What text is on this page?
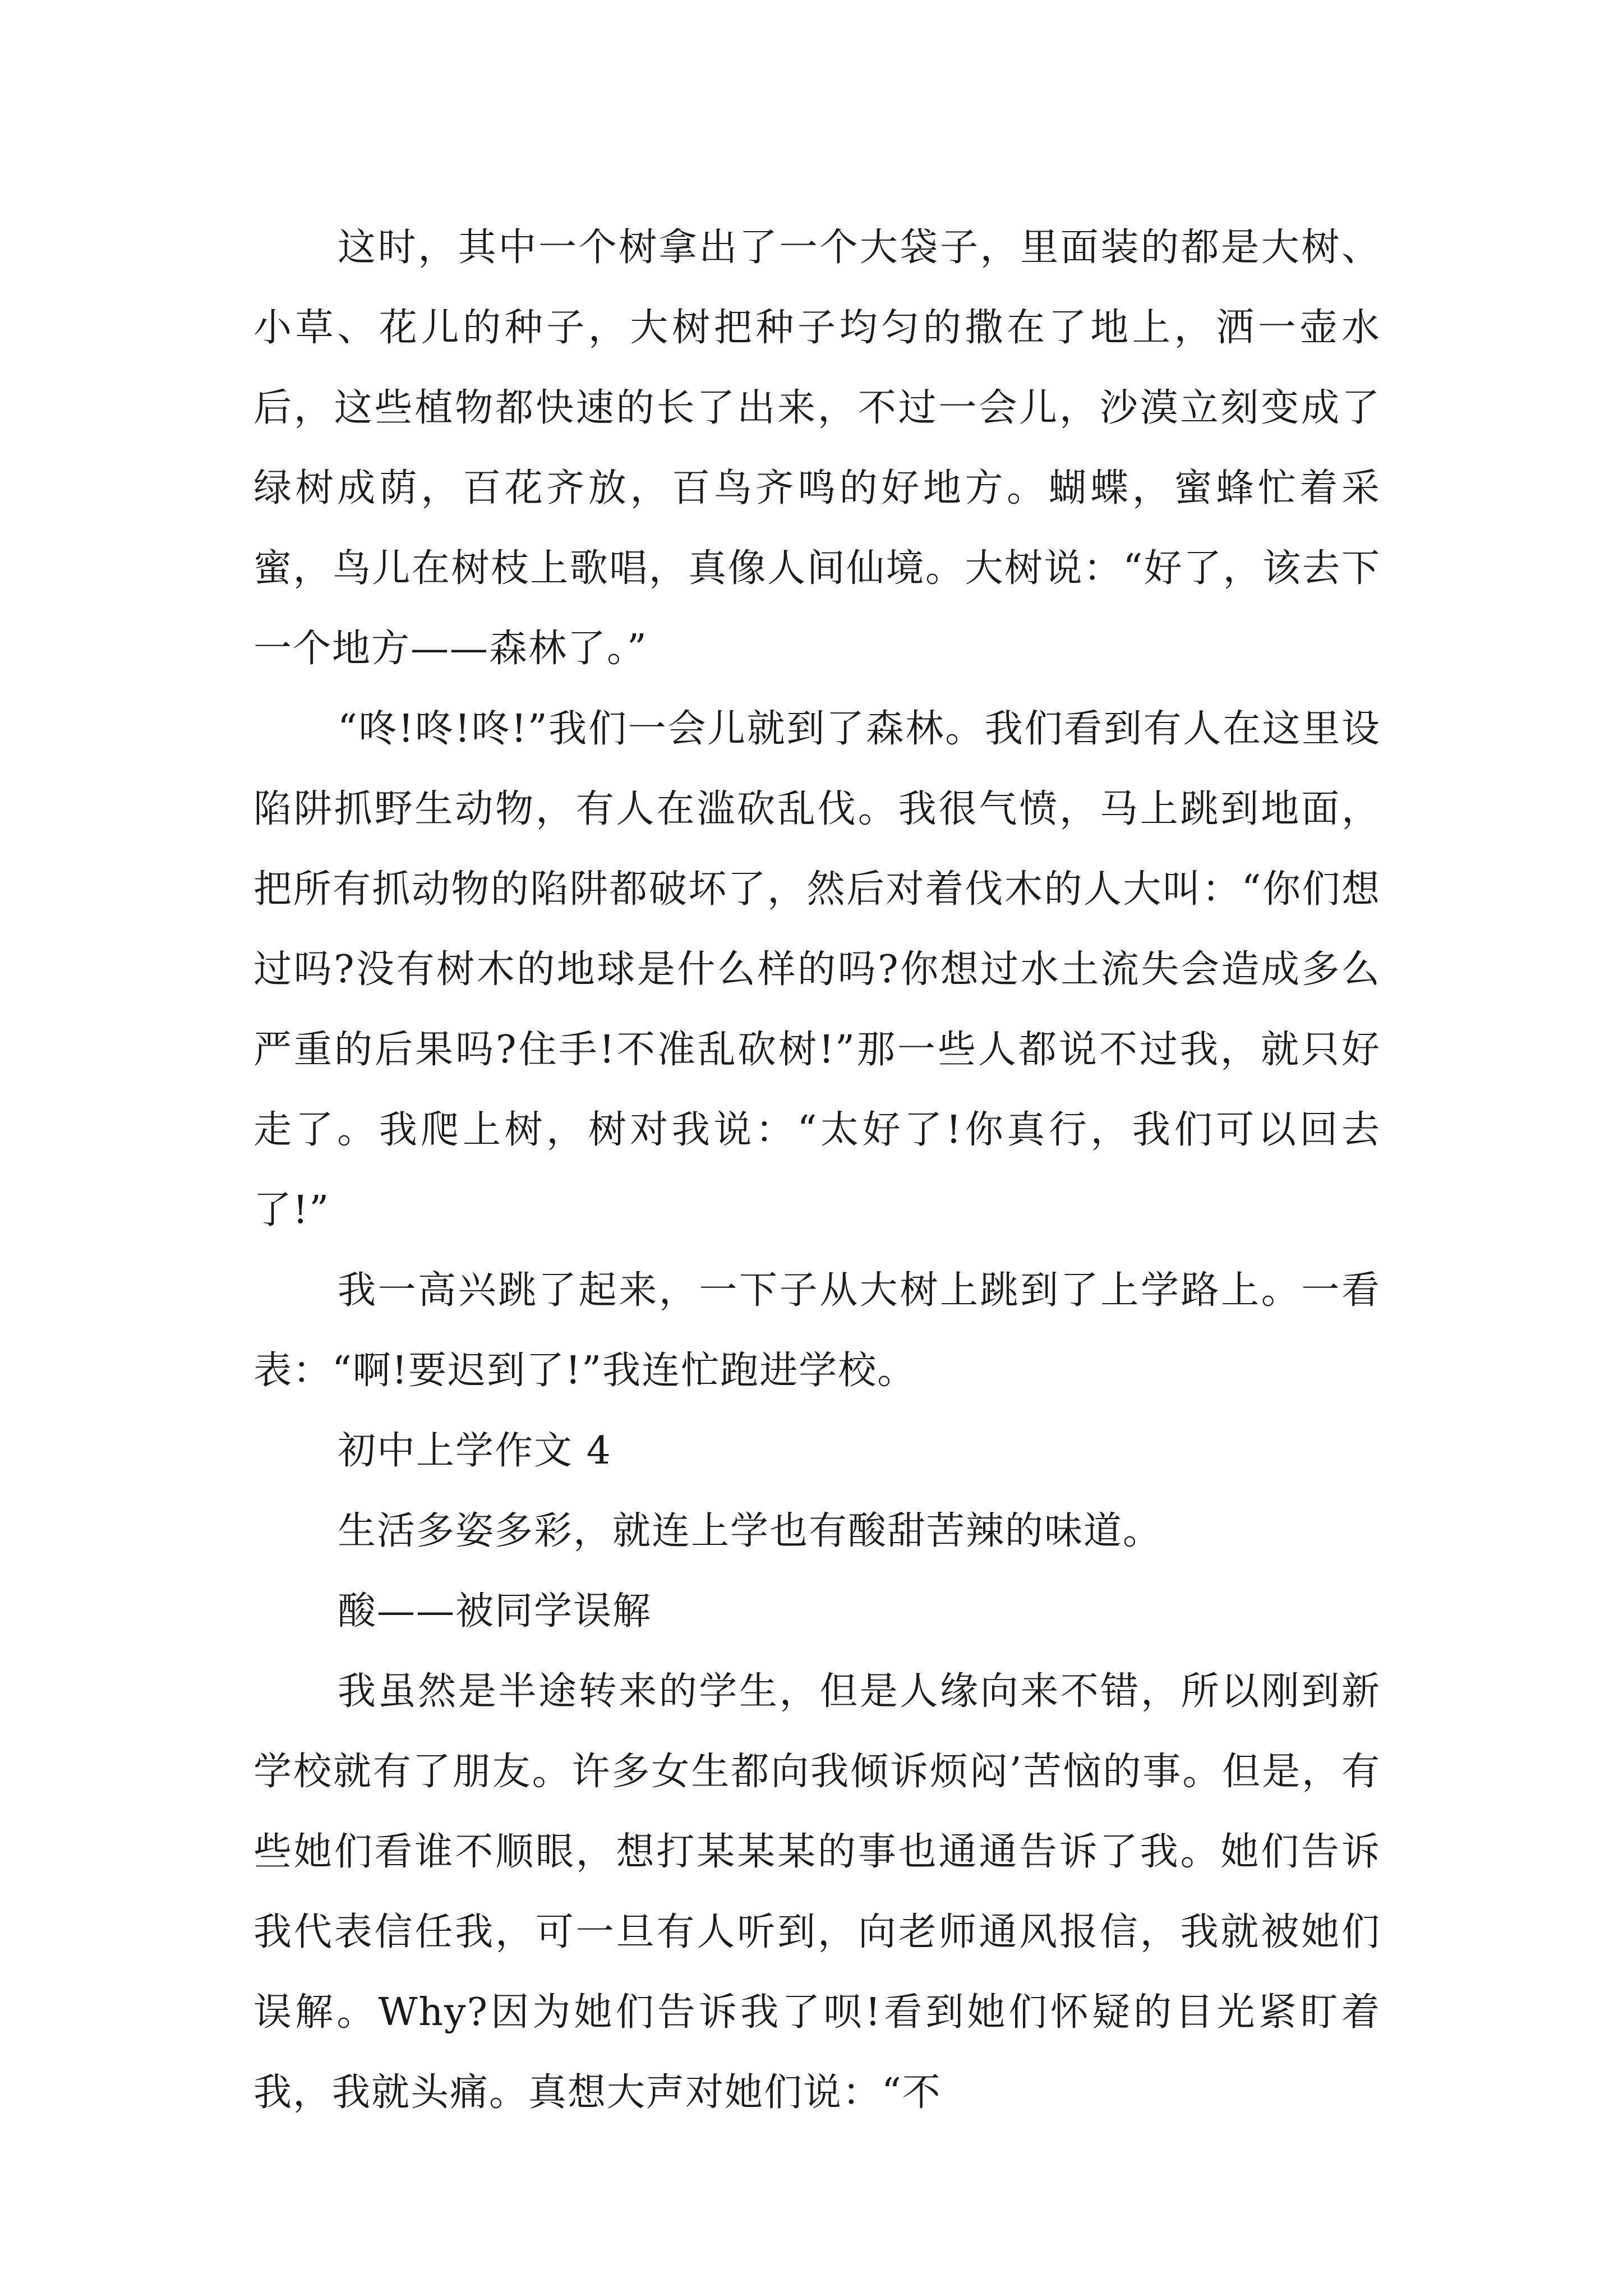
这时，其中一个树拿出了一个大袋子，里面装的都是大树、小草、花儿的种子，大树把种子均匀的撒在了地上，洒一壶水后，这些植物都快速的长了出来，不过一会儿，沙漠立刻变成了绿树成荫，百花齐放，百鸟齐鸣的好地方。蝴蝶，蜜蜂忙着采蜜，鸟儿在树枝上歌唱，真像人间仙境。大树说：“好了，该去下一个地方——森林了。”

“咚!咚!咚!”我们一会儿就到了森林。我们看到有人在这里设陷阱抓野生动物，有人在滥砍乱伐。我很气愤，马上跳到地面，把所有抓动物的陷阱都破坏了，然后对着伐木的人大叫：“你们想过吗?没有树木的地球是什么样的吗?你想过水土流失会造成多么严重的后果吗?住手!不准乱砍树!”那一些人都说不过我，就只好走了。我爬上树，树对我说：“太好了!你真行，我们可以回去了!”

我一高兴跳了起来，一下子从大树上跳到了上学路上。一看表：“啊!要迟到了!”我连忙跑进学校。

初中上学作文 4

生活多姿多彩，就连上学也有酸甜苦辣的味道。

酸——被同学误解

我虽然是半途转来的学生，但是人缘向来不错，所以刚到新学校就有了朋友。许多女生都向我倾诉烦闷’苦恼的事。但是，有些她们看谁不顺眼，想打某某某的事也通通告诉了我。她们告诉我代表信任我，可一旦有人听到，向老师通风报信，我就被她们误解。Why?因为她们告诉我了呗!看到她们怀疑的目光紧盯着我，我就头痛。真想大声对她们说：“不
